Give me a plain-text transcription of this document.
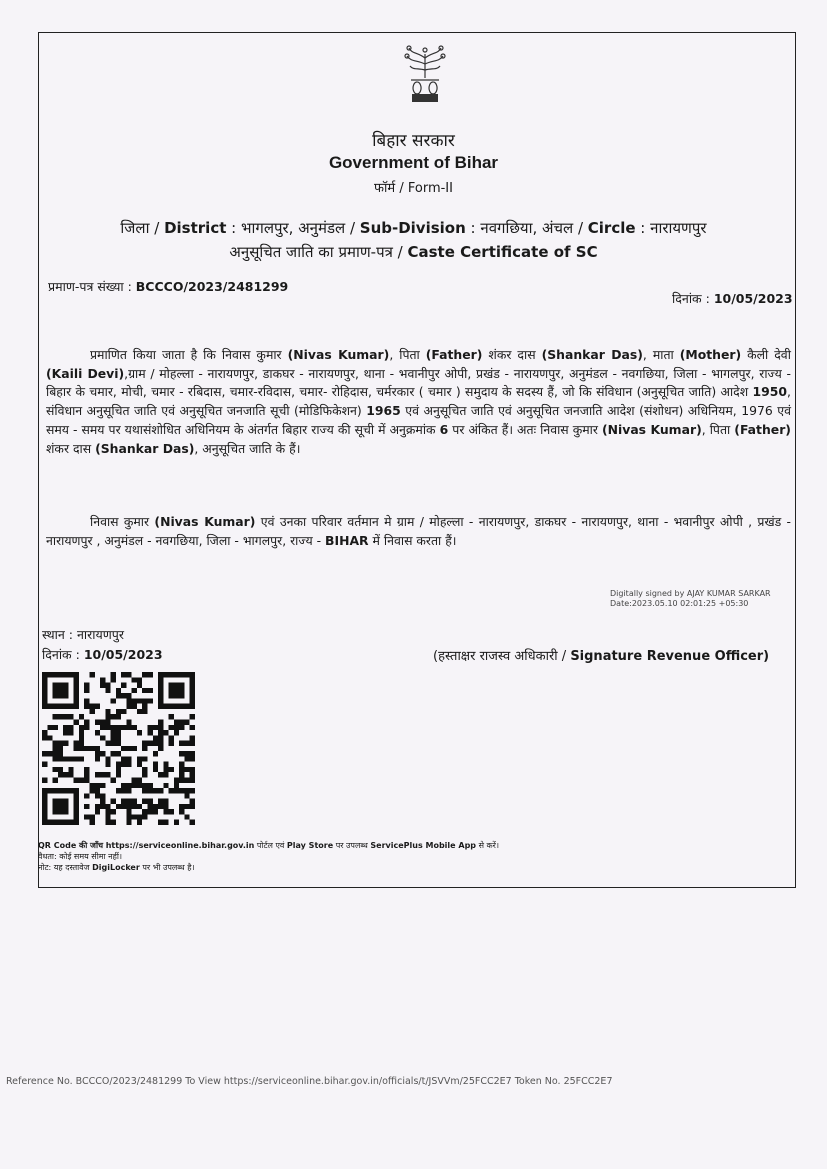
बिहार सरकार
Government of Bihar
फॉर्म / Form-II
जिला / District : भागलपुर, अनुमंडल / Sub-Division : नवगछिया, अंचल / Circle : नारायणपुर
अनुसूचित जाति का प्रमाण-पत्र / Caste Certificate of SC
प्रमाण-पत्र संख्या : BCCCO/2023/2481299
दिनांक : 10/05/2023
प्रमाणित किया जाता है कि निवास कुमार (Nivas Kumar), पिता (Father) शंकर दास (Shankar Das), माता (Mother) कैली देवी (Kaili Devi),ग्राम / मोहल्ला - नारायणपुर, डाकघर - नारायणपुर, थाना - भवानीपुर ओपी, प्रखंड - नारायणपुर, अनुमंडल - नवगछिया, जिला - भागलपुर, राज्य - बिहार के चमार, मोची, चमार - रबिदास, चमार-रविदास, चमार- रोहिदास, चर्मरकार ( चमार ) समुदाय के सदस्य हैं, जो कि संविधान (अनुसूचित जाति) आदेश 1950, संविधान अनुसूचित जाति एवं अनुसूचित जनजाति सूची (मोडिफिकेशन) 1965 एवं अनुसूचित जाति एवं अनुसूचित जनजाति आदेश (संशोधन) अधिनियम, 1976 एवं समय - समय पर यथासंशोधित अधिनियम के अंतर्गत बिहार राज्य की सूची में अनुक्रमांक 6 पर अंकित हैं। अतः निवास कुमार (Nivas Kumar), पिता (Father) शंकर दास (Shankar Das), अनुसूचित जाति के हैं।
निवास कुमार (Nivas Kumar) एवं उनका परिवार वर्तमान मे ग्राम / मोहल्ला - नारायणपुर, डाकघर - नारायणपुर, थाना - भवानीपुर ओपी , प्रखंड - नारायणपुर , अनुमंडल - नवगछिया, जिला - भागलपुर, राज्य - BIHAR में निवास करता हैं।
Digitally signed by AJAY KUMAR SARKAR
Date:2023.05.10 02:01:25 +05:30
स्थान : नारायणपुर
दिनांक : 10/05/2023	(हस्ताक्षर राजस्व अधिकारी / Signature Revenue Officer)
QR Code की जाँच https://serviceonline.bihar.gov.in पोर्टल एवं Play Store पर उपलब्ध ServicePlus Mobile App से करें।
वैधता: कोई समय सीमा नहीं।
नोट: यह दस्तावेज DigiLocker पर भी उपलब्ध है।
Reference No. BCCCO/2023/2481299 To View https://serviceonline.bihar.gov.in/officials/t/JSVVm/25FCC2E7 Token No. 25FCC2E7
